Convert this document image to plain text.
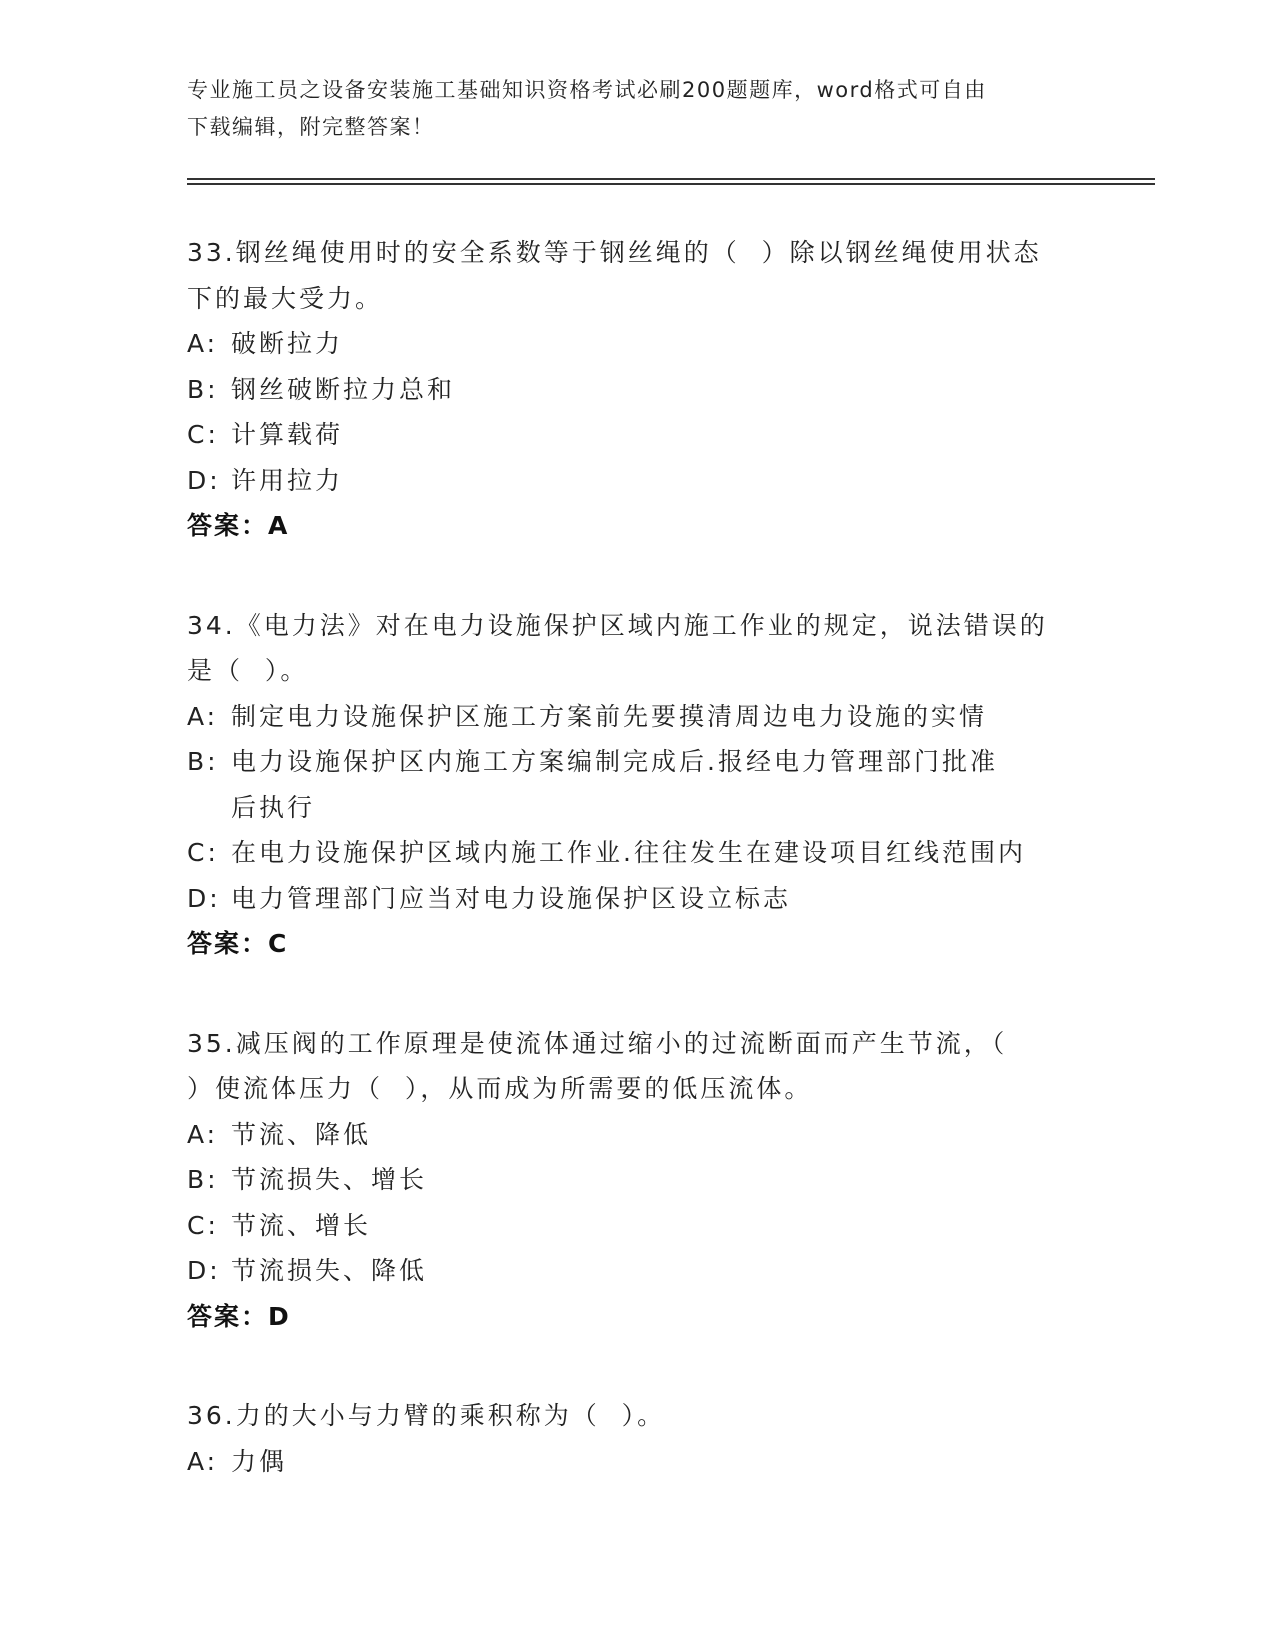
专业施工员之设备安装施工基础知识资格考试必刷200题题库，word格式可自由
下载编辑，附完整答案！
33.钢丝绳使用时的安全系数等于钢丝绳的（  ）除以钢丝绳使用状态
下的最大受力。
A: 破断拉力
B: 钢丝破断拉力总和
C: 计算载荷
D: 许用拉力
答案：A
34.《电力法》对在电力设施保护区域内施工作业的规定，说法错误的
是（  ）。
A: 制定电力设施保护区施工方案前先要摸清周边电力设施的实情
B: 电力设施保护区内施工方案编制完成后.报经电力管理部门批准后执行
C: 在电力设施保护区域内施工作业.往往发生在建设项目红线范围内
D: 电力管理部门应当对电力设施保护区设立标志
答案：C
35.减压阀的工作原理是使流体通过缩小的过流断面而产生节流，（
）使流体压力（  ），从而成为所需要的低压流体。
A: 节流、降低
B: 节流损失、增长
C: 节流、增长
D: 节流损失、降低
答案：D
36.力的大小与力臂的乘积称为（  ）。
A: 力偶
